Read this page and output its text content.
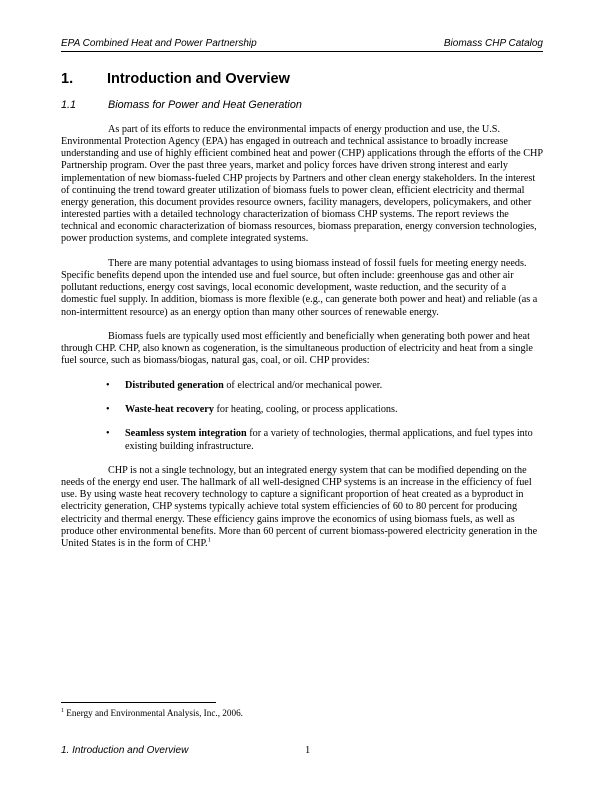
EPA Combined Heat and Power Partnership	Biomass CHP Catalog
1. Introduction and Overview
1.1	Biomass for Power and Heat Generation

As part of its efforts to reduce the environmental impacts of energy production and use, the U.S. Environmental Protection Agency (EPA) has engaged in outreach and technical assistance to broadly increase understanding and use of highly efficient combined heat and power (CHP) applications through the efforts of the CHP Partnership program. Over the past three years, market and policy forces have driven strong interest and early implementation of new biomass-fueled CHP projects by Partners and other clean energy stakeholders. In the interest of continuing the trend toward greater utilization of biomass fuels to power clean, efficient electricity and thermal energy generation, this document provides resource owners, facility managers, developers, policymakers, and other interested parties with a detailed technology characterization of biomass CHP systems. The report reviews the technical and economic characterization of biomass resources, biomass preparation, energy conversion technologies, power production systems, and complete integrated systems.

There are many potential advantages to using biomass instead of fossil fuels for meeting energy needs. Specific benefits depend upon the intended use and fuel source, but often include: greenhouse gas and other air pollutant reductions, energy cost savings, local economic development, waste reduction, and the security of a domestic fuel supply. In addition, biomass is more flexible (e.g., can generate both power and heat) and reliable (as a non-intermittent resource) as an energy option than many other sources of renewable energy.

Biomass fuels are typically used most efficiently and beneficially when generating both power and heat through CHP. CHP, also known as cogeneration, is the simultaneous production of electricity and heat from a single fuel source, such as biomass/biogas, natural gas, coal, or oil. CHP provides:

• Distributed generation of electrical and/or mechanical power.
• Waste-heat recovery for heating, cooling, or process applications.
• Seamless system integration for a variety of technologies, thermal applications, and fuel types into existing building infrastructure.

CHP is not a single technology, but an integrated energy system that can be modified depending on the needs of the energy end user. The hallmark of all well-designed CHP systems is an increase in the efficiency of fuel use. By using waste heat recovery technology to capture a significant proportion of heat created as a byproduct in electricity generation, CHP systems typically achieve total system efficiencies of 60 to 80 percent for producing electricity and thermal energy. These efficiency gains improve the economics of using biomass fuels, as well as produce other environmental benefits. More than 60 percent of current biomass-powered electricity generation in the United States is in the form of CHP.$^1$

$^1$ Energy and Environmental Analysis, Inc., 2006.
1. Introduction and Overview	1
